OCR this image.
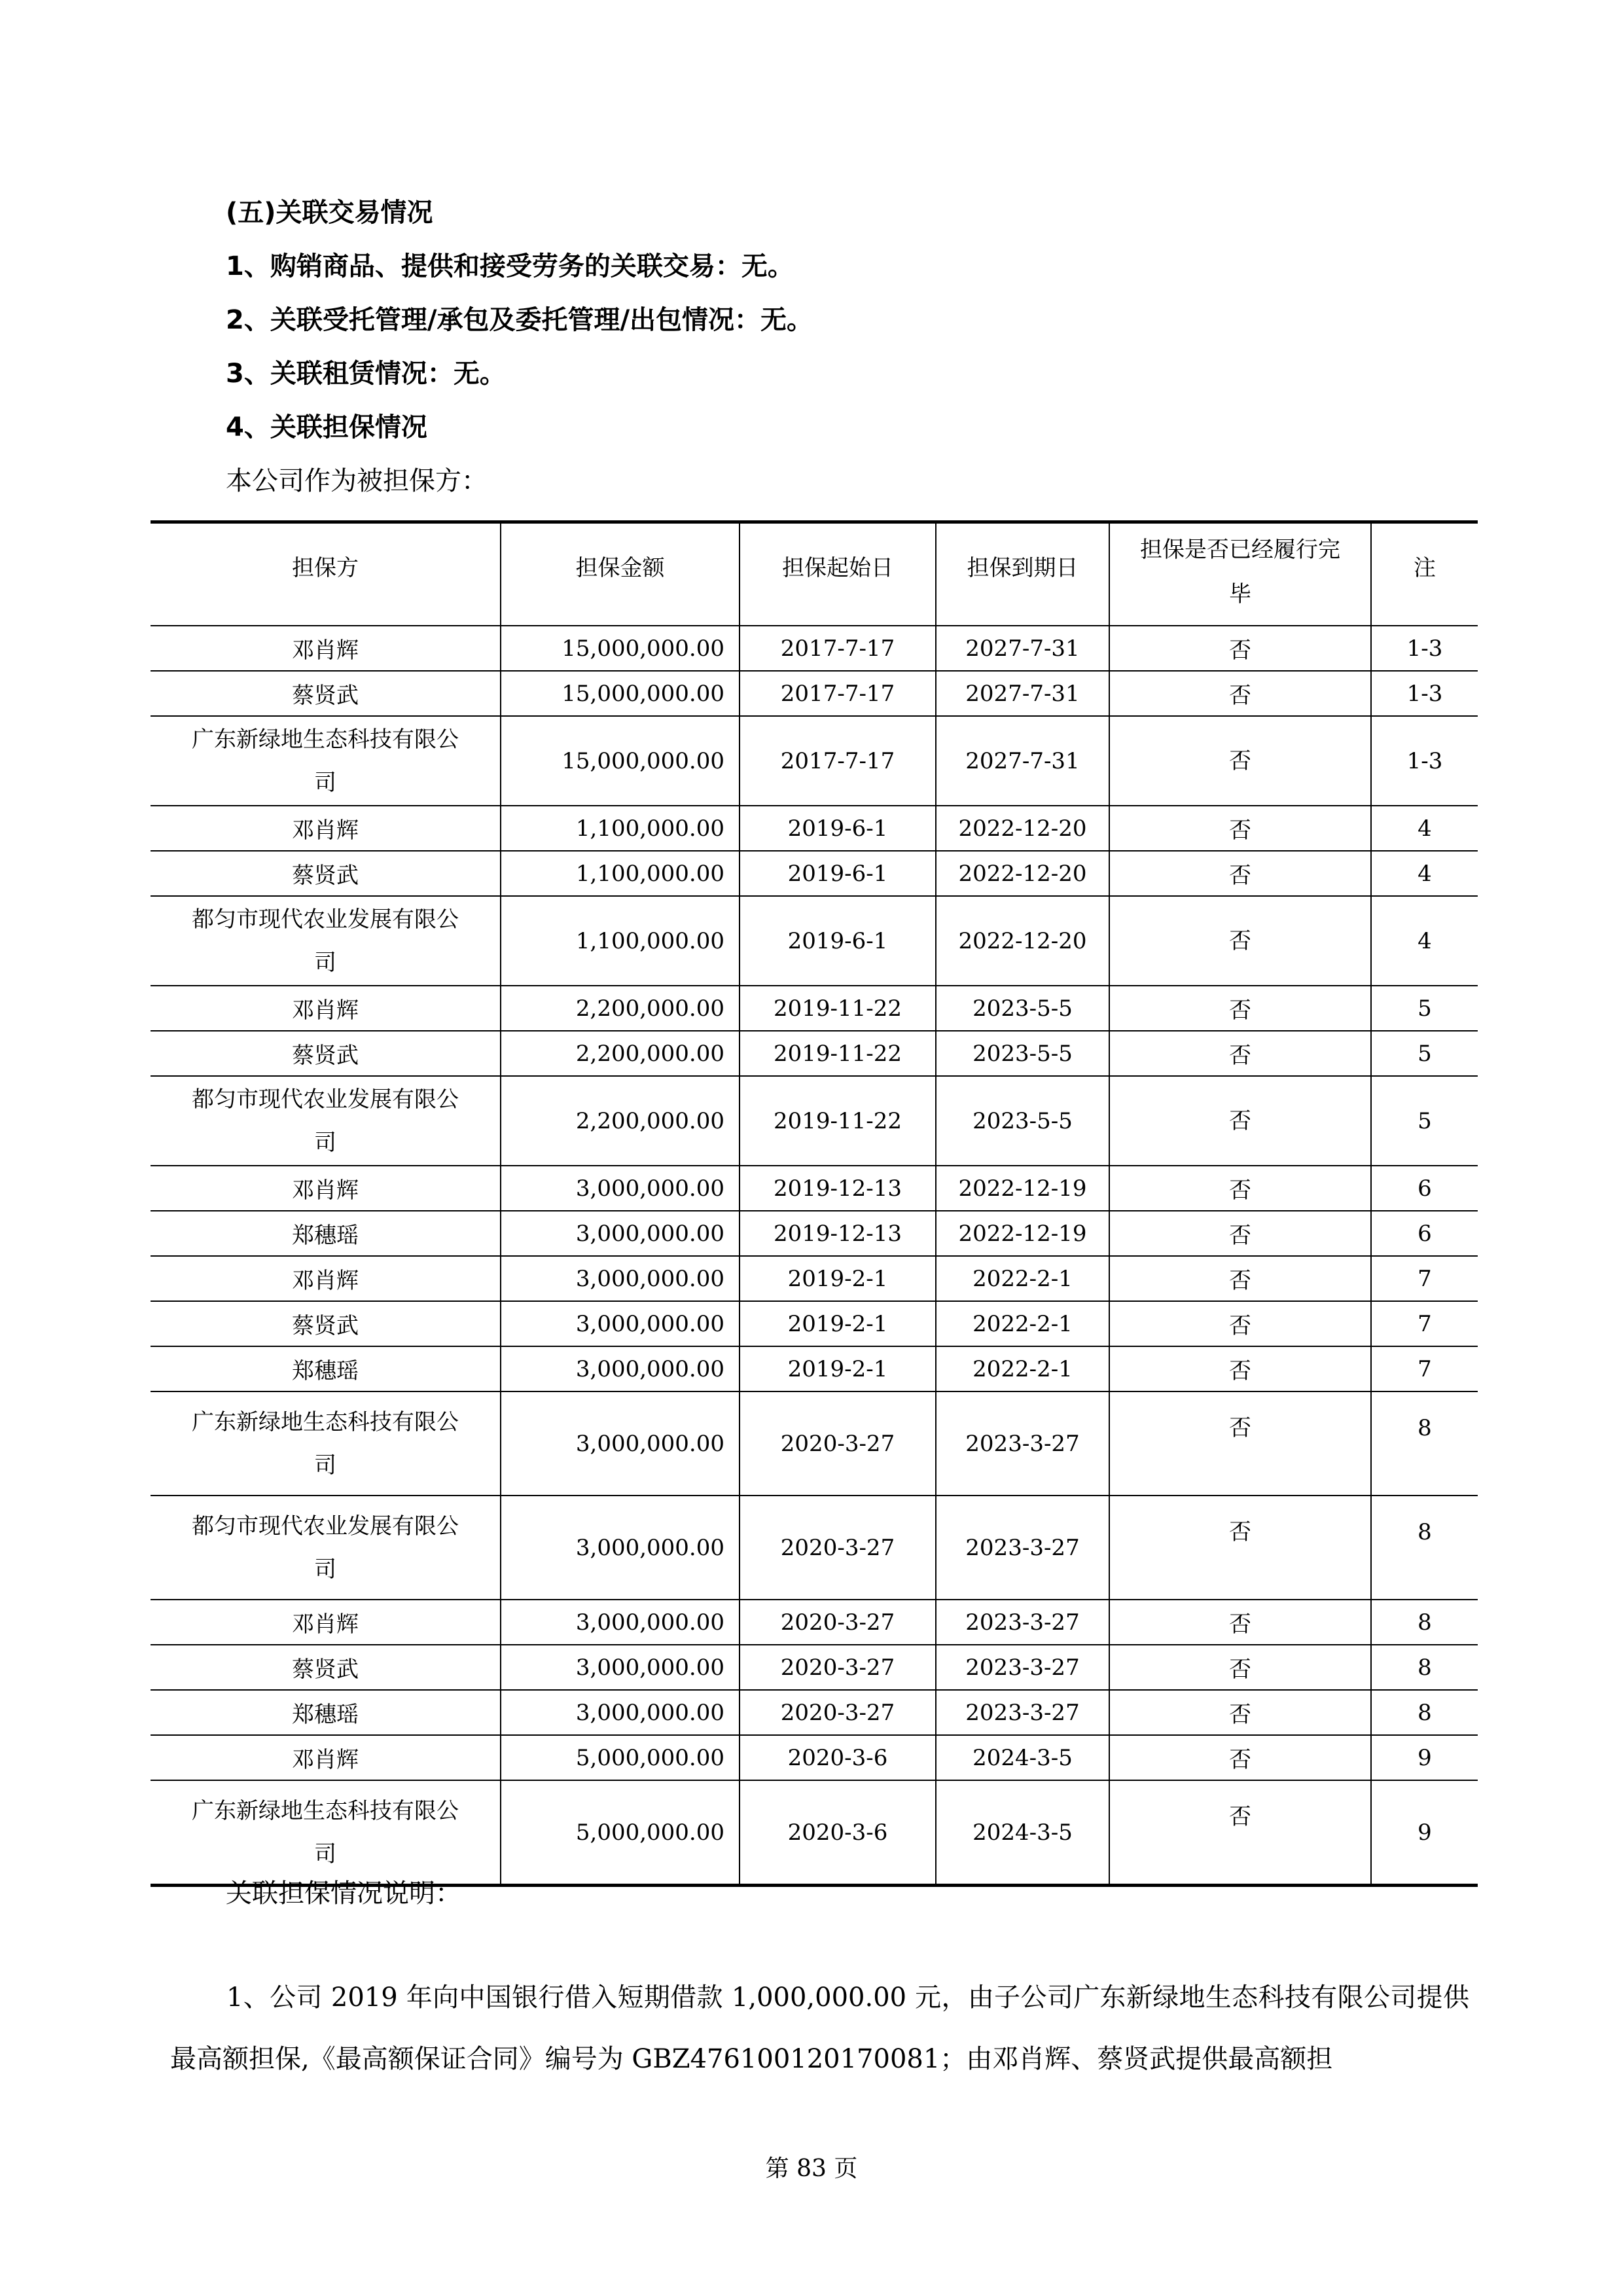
(五)关联交易情况
1、购销商品、提供和接受劳务的关联交易：无。
2、关联受托管理/承包及委托管理/出包情况：无。
3、关联租赁情况：无。
4、关联担保情况
本公司作为被担保方：
担保方	担保金额	担保起始日	担保到期日	担保是否已经履行完
毕	注
邓肖辉	15,000,000.00	2017-7-17	2027-7-31	否	1-3
蔡贤武	15,000,000.00	2017-7-17	2027-7-31	否	1-3
广东新绿地生态科技有限公
司	15,000,000.00	2017-7-17	2027-7-31	否	1-3
邓肖辉	1,100,000.00	2019-6-1	2022-12-20	否	4
蔡贤武	1,100,000.00	2019-6-1	2022-12-20	否	4
都匀市现代农业发展有限公
司	1,100,000.00	2019-6-1	2022-12-20	否	4
邓肖辉	2,200,000.00	2019-11-22	2023-5-5	否	5
蔡贤武	2,200,000.00	2019-11-22	2023-5-5	否	5
都匀市现代农业发展有限公
司	2,200,000.00	2019-11-22	2023-5-5	否	5
邓肖辉	3,000,000.00	2019-12-13	2022-12-19	否	6
郑穗瑶	3,000,000.00	2019-12-13	2022-12-19	否	6
邓肖辉	3,000,000.00	2019-2-1	2022-2-1	否	7
蔡贤武	3,000,000.00	2019-2-1	2022-2-1	否	7
郑穗瑶	3,000,000.00	2019-2-1	2022-2-1	否	7
广东新绿地生态科技有限公
司	3,000,000.00	2020-3-27	2023-3-27	否	8
都匀市现代农业发展有限公
司	3,000,000.00	2020-3-27	2023-3-27	否	8
邓肖辉	3,000,000.00	2020-3-27	2023-3-27	否	8
蔡贤武	3,000,000.00	2020-3-27	2023-3-27	否	8
郑穗瑶	3,000,000.00	2020-3-27	2023-3-27	否	8
邓肖辉	5,000,000.00	2020-3-6	2024-3-5	否	9
广东新绿地生态科技有限公
司	5,000,000.00	2020-3-6	2024-3-5	否	9
关联担保情况说明：
1、公司 2019 年向中国银行借入短期借款 1,000,000.00 元，由子公司广东新绿地生态科技有限公司提供最高额担保,《最高额保证合同》编号为 GBZ476100120170081；由邓肖辉、蔡贤武提供最高额担
第 83 页
